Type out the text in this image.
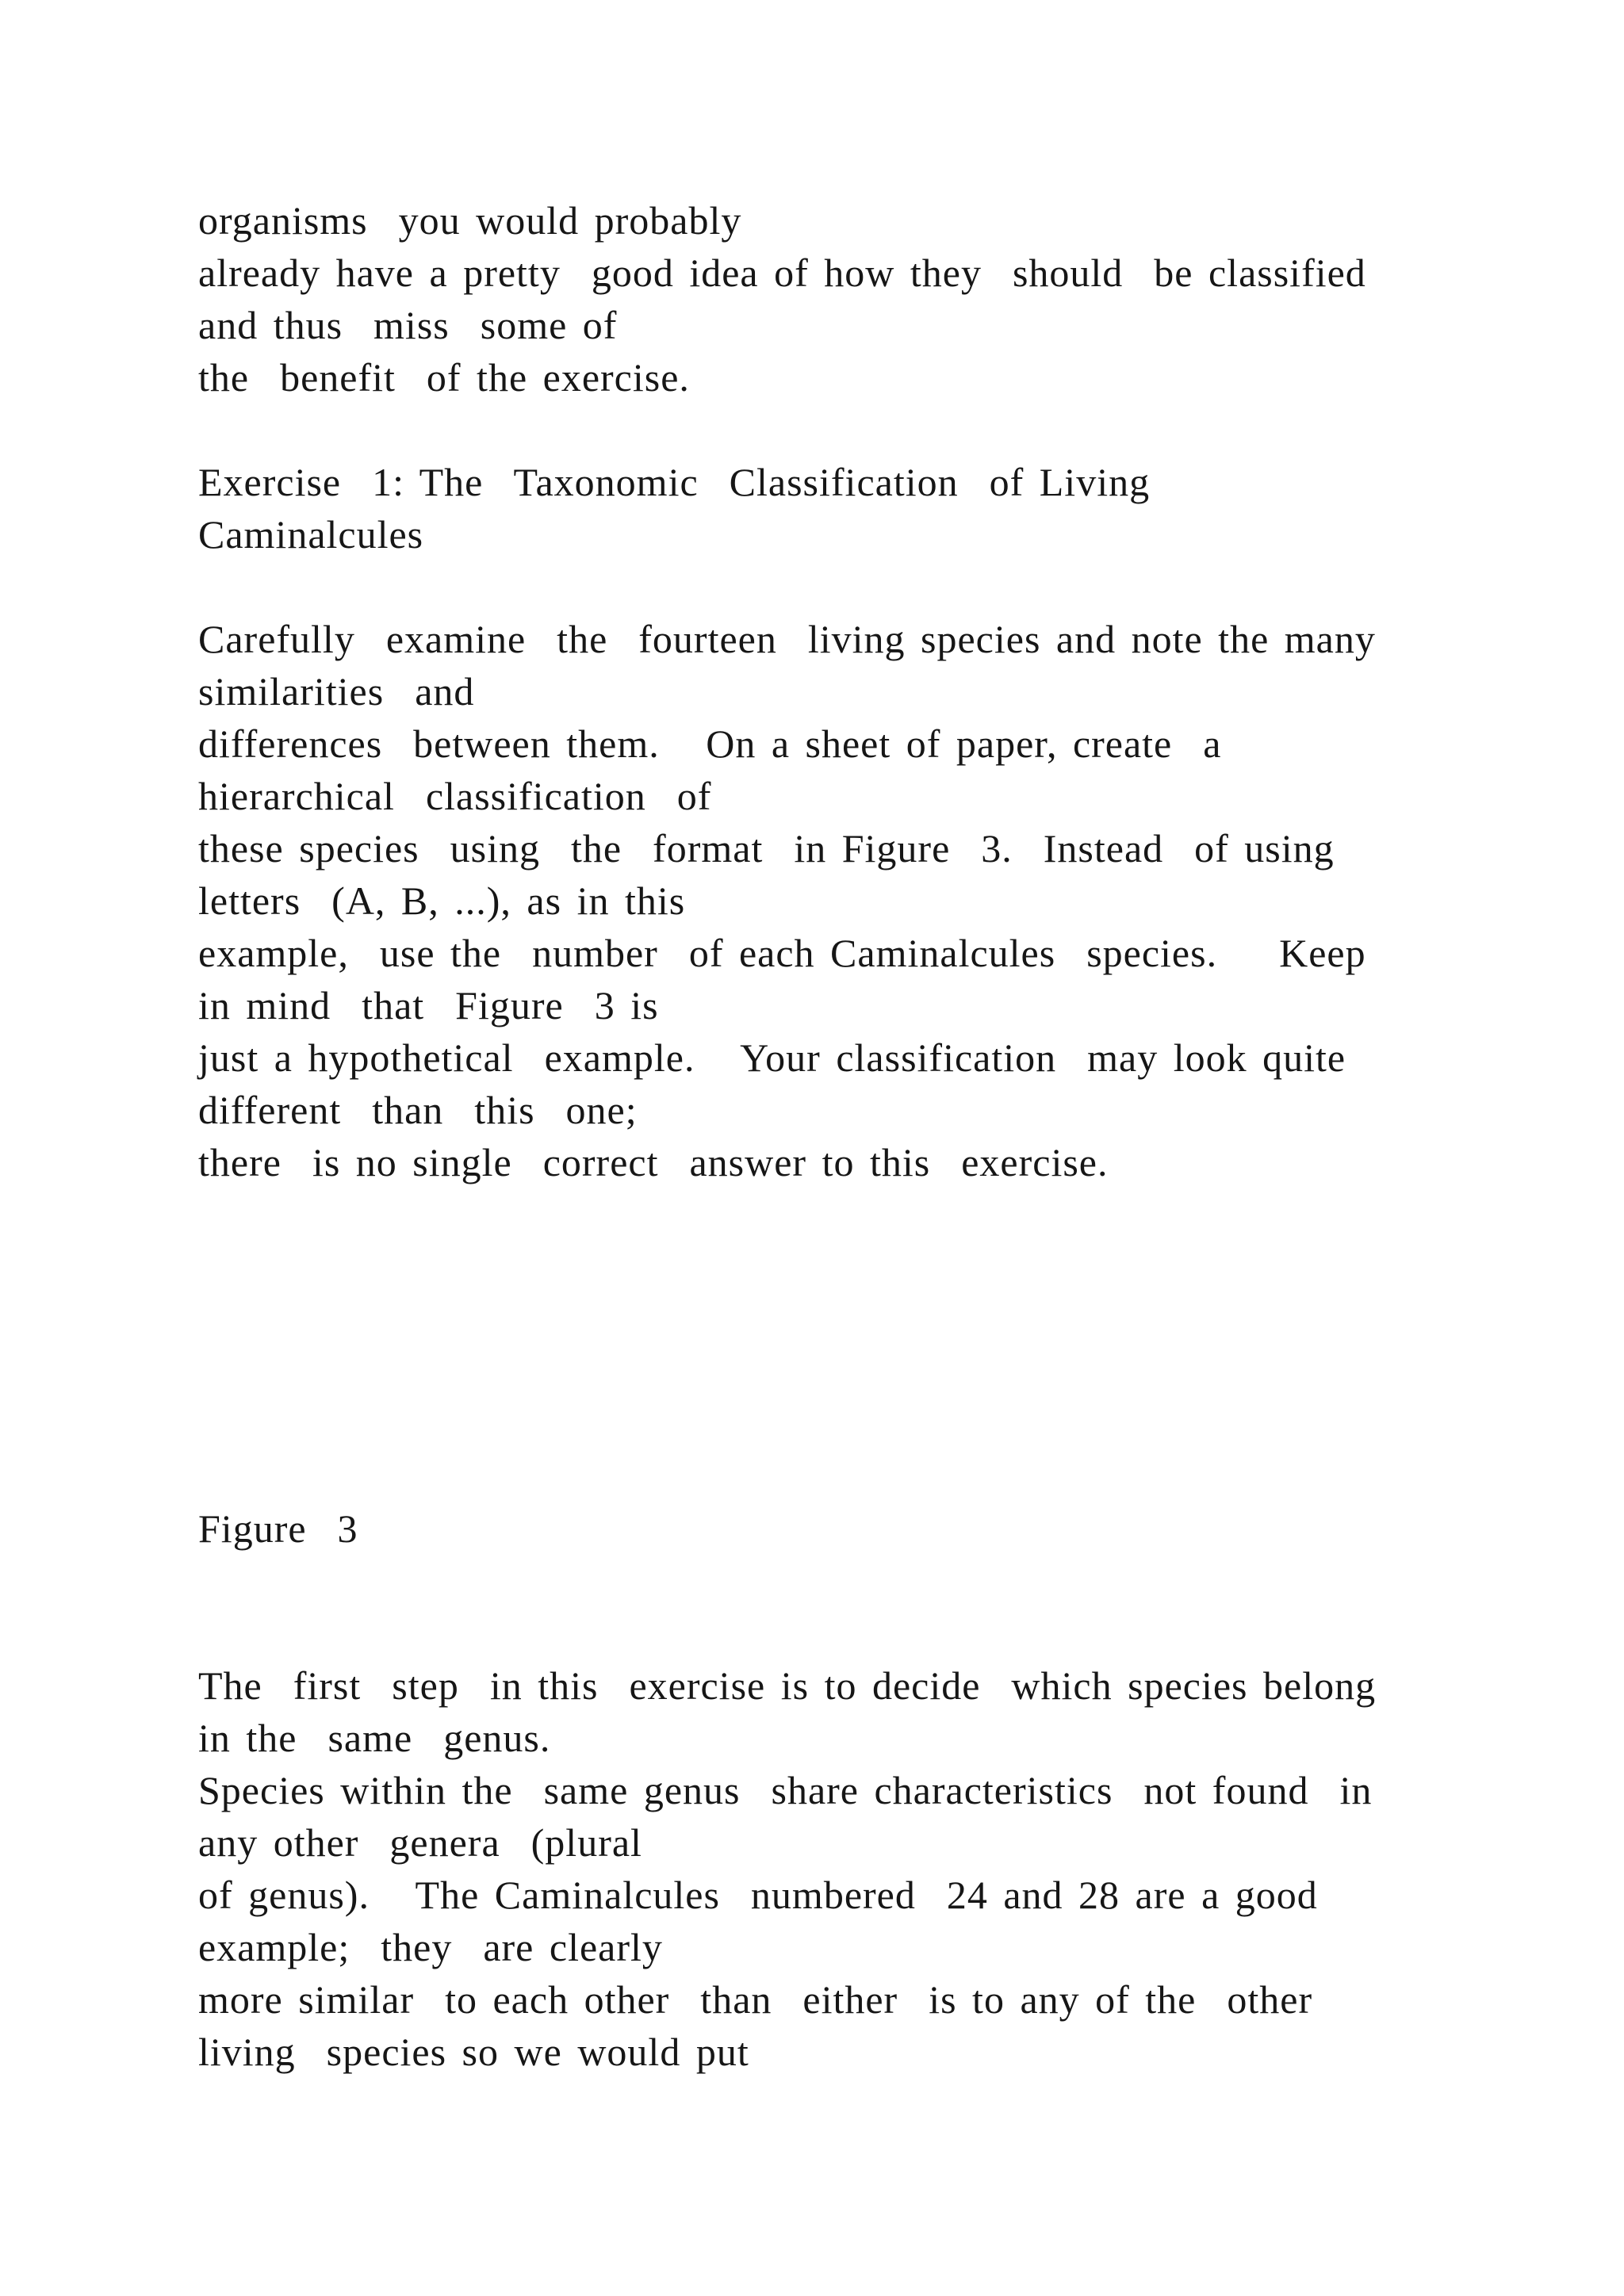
organisms  you would probably

already have a pretty  good idea of how they  should  be classified

and thus  miss  some of

the  benefit  of the exercise.

Exercise  1: The  Taxonomic  Classification  of Living

Caminalcules

Carefully  examine  the  fourteen  living species and note the many

similarities  and

differences  between them.   On a sheet of paper, create  a

hierarchical  classification  of

these species  using  the  format  in Figure  3.  Instead  of using

letters  (A, B, ...), as in this

example,  use the  number  of each Caminalcules  species.    Keep

in mind  that  Figure  3 is

just a hypothetical  example.   Your classification  may look quite

different  than  this  one;

there  is no single  correct  answer to this  exercise.

Figure  3

The  first  step  in this  exercise is to decide  which species belong

in the  same  genus.

Species within the  same genus  share characteristics  not found  in

any other  genera  (plural

of genus).   The Caminalcules  numbered  24 and 28 are a good

example;  they  are clearly

more similar  to each other  than  either  is to any of the  other

living  species so we would put
